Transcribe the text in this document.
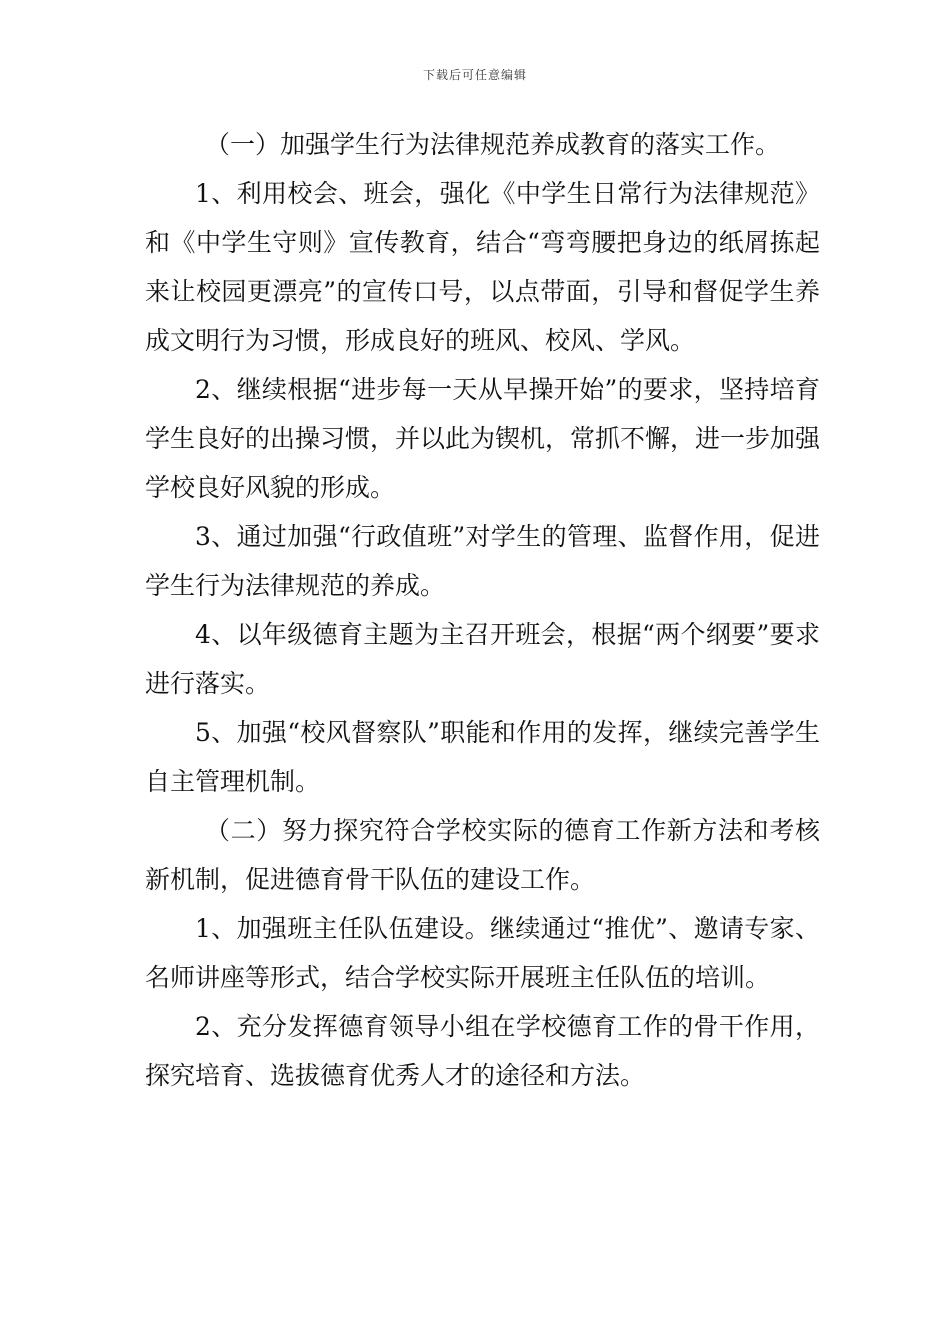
下载后可任意编辑

（一）加强学生行为法律规范养成教育的落实工作。

1、利用校会、班会，强化《中学生日常行为法律规范》和《中学生守则》宣传教育，结合“弯弯腰把身边的纸屑拣起来让校园更漂亮”的宣传口号，以点带面，引导和督促学生养成文明行为习惯，形成良好的班风、校风、学风。

2、继续根据“进步每一天从早操开始”的要求，坚持培育学生良好的出操习惯，并以此为锲机，常抓不懈，进一步加强学校良好风貌的形成。

3、通过加强“行政值班”对学生的管理、监督作用，促进学生行为法律规范的养成。

4、以年级德育主题为主召开班会，根据“两个纲要”要求进行落实。

5、加强“校风督察队”职能和作用的发挥，继续完善学生自主管理机制。

（二）努力探究符合学校实际的德育工作新方法和考核新机制，促进德育骨干队伍的建设工作。

1、加强班主任队伍建设。继续通过“推优”、邀请专家、名师讲座等形式，结合学校实际开展班主任队伍的培训。

2、充分发挥德育领导小组在学校德育工作的骨干作用，探究培育、选拔德育优秀人才的途径和方法。
